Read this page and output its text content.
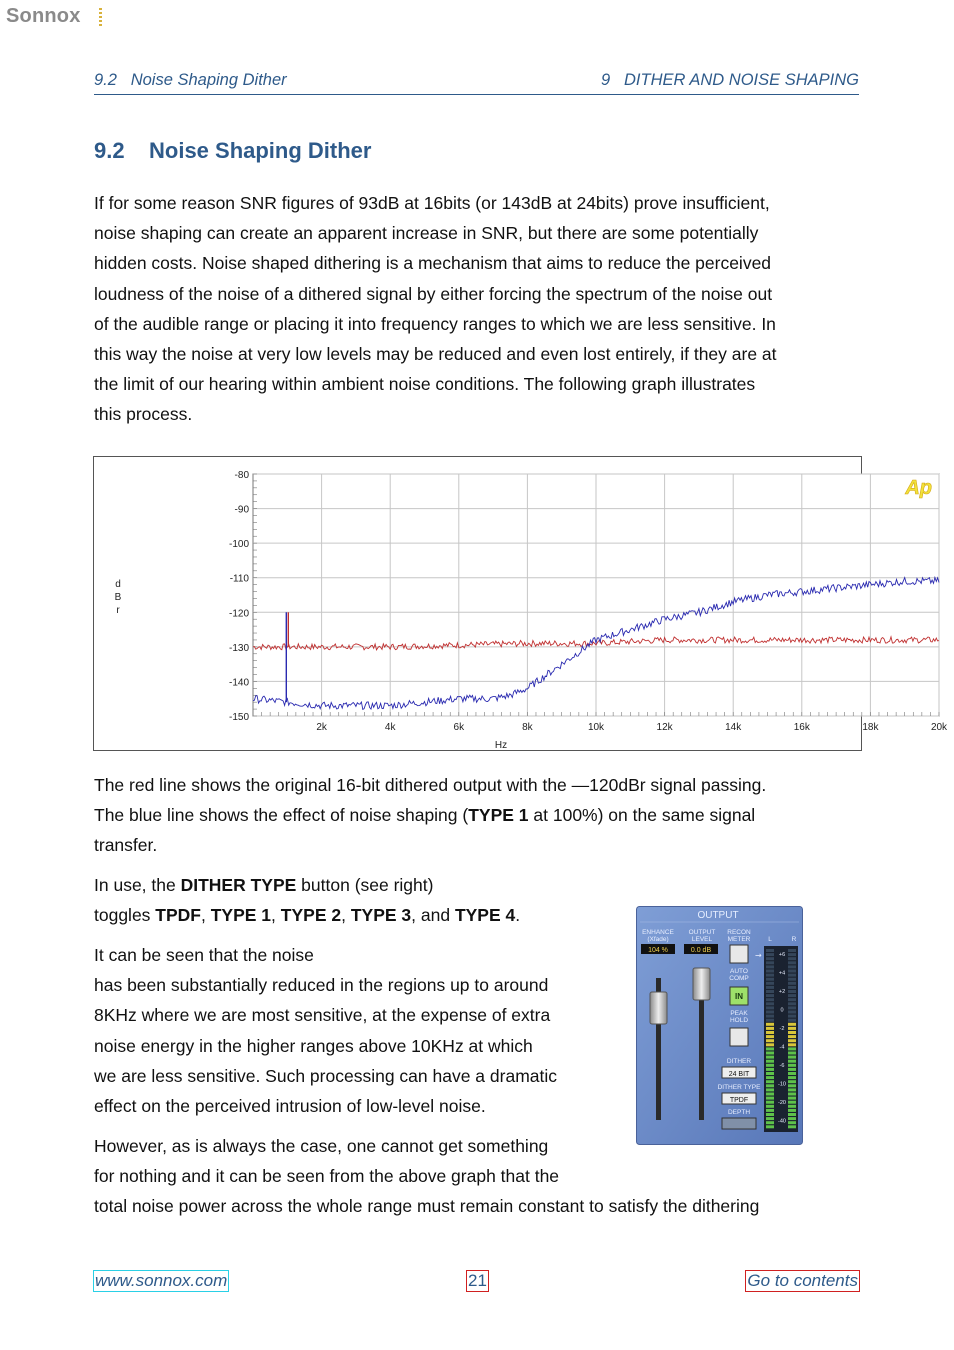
Sonnox
9.2 Noise Shaping Dither	9 DITHER AND NOISE SHAPING
9.2 Noise Shaping Dither

If for some reason SNR figures of 93dB at 16bits (or 143dB at 24bits) prove insufficient,
noise shaping can create an apparent increase in SNR, but there are some potentially
hidden costs. Noise shaped dithering is a mechanism that aims to reduce the perceived
loudness of the noise of a dithered signal by either forcing the spectrum of the noise out
of the audible range or placing it into frequency ranges to which we are less sensitive. In
this way the noise at very low levels may be reduced and even lost entirely, if they are at
the limit of our hearing within ambient noise conditions. The following graph illustrates
this process.

-80
-90
-100
-110
-120
-130
-140
-150
2k	4k	6k	8k	10k	12k	14k	16k	18k	20k
d
B
r
Hz
Ap

The red line shows the original 16-bit dithered output with the —120dBr signal passing.
The blue line shows the effect of noise shaping (TYPE 1 at 100%) on the same signal
transfer.

In use, the DITHER TYPE button (see right)
toggles TPDF, TYPE 1, TYPE 2, TYPE 3, and TYPE 4.

It can be seen that the noise
has been substantially reduced in the regions up to around
8KHz where we are most sensitive, at the expense of extra
noise energy in the higher ranges above 10KHz at which
we are less sensitive. Such processing can have a dramatic
effect on the perceived intrusion of low-level noise.

However, as is always the case, one cannot get something
for nothing and it can be seen from the above graph that the
total noise power across the whole range must remain constant to satisfy the dithering

OUTPUT
ENHANCE
(Xfade)
104 %
OUTPUT
LEVEL
0.0 dB
RECON
METER
→
L	R
AUTO
COMP
IN
PEAK
HOLD
DITHER
24 BIT
DITHER TYPE
TPDF
DEPTH
+6
+4
+2
0
-2
-4
-6
-10
-20
-40
www.sonnox.com	21	Go to contents
